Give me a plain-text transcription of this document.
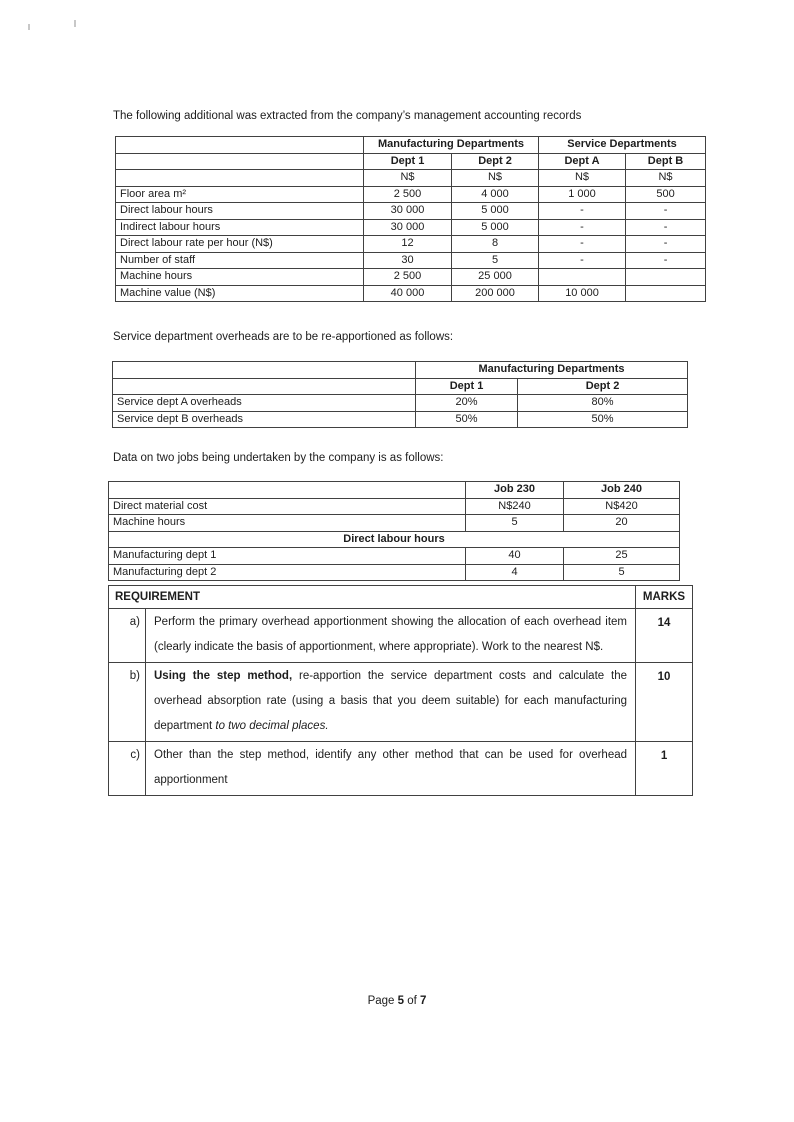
The following additional was extracted from the company’s management accounting records

	Manufacturing Departments		Service Departments	
	Dept 1	Dept 2	Dept A	Dept B
	N$	N$	N$	N$
Floor area m²	2 500	4 000	1 000	500
Direct labour hours	30 000	5 000	-	-
Indirect labour hours	30 000	5 000	-	-
Direct labour rate per hour (N$)	12	8	-	-
Number of staff	30	5	-	-
Machine hours	2 500	25 000		
Machine value (N$)	40 000	200 000	10 000	

Service department overheads are to be re-apportioned as follows:

	Manufacturing Departments	
	Dept 1	Dept 2
Service dept A overheads	20%	80%
Service dept B overheads	50%	50%

Data on two jobs being undertaken by the company is as follows:

	Job 230	Job 240
Direct material cost	N$240	N$420
Machine hours	5	20
Direct labour hours		
Manufacturing dept 1	40	25
Manufacturing dept 2	4	5
REQUIREMENT		MARKS
a)	Perform the primary overhead apportionment showing the allocation of each overhead item (clearly indicate the basis of apportionment, where appropriate). Work to the nearest N$.	14
b)	Using the step method, re-apportion the service department costs and calculate the overhead absorption rate (using a basis that you deem suitable) for each manufacturing department to two decimal places.	10
c)	Other than the step method, identify any other method that can be used for overhead apportionment	1
Page 5 of 7
